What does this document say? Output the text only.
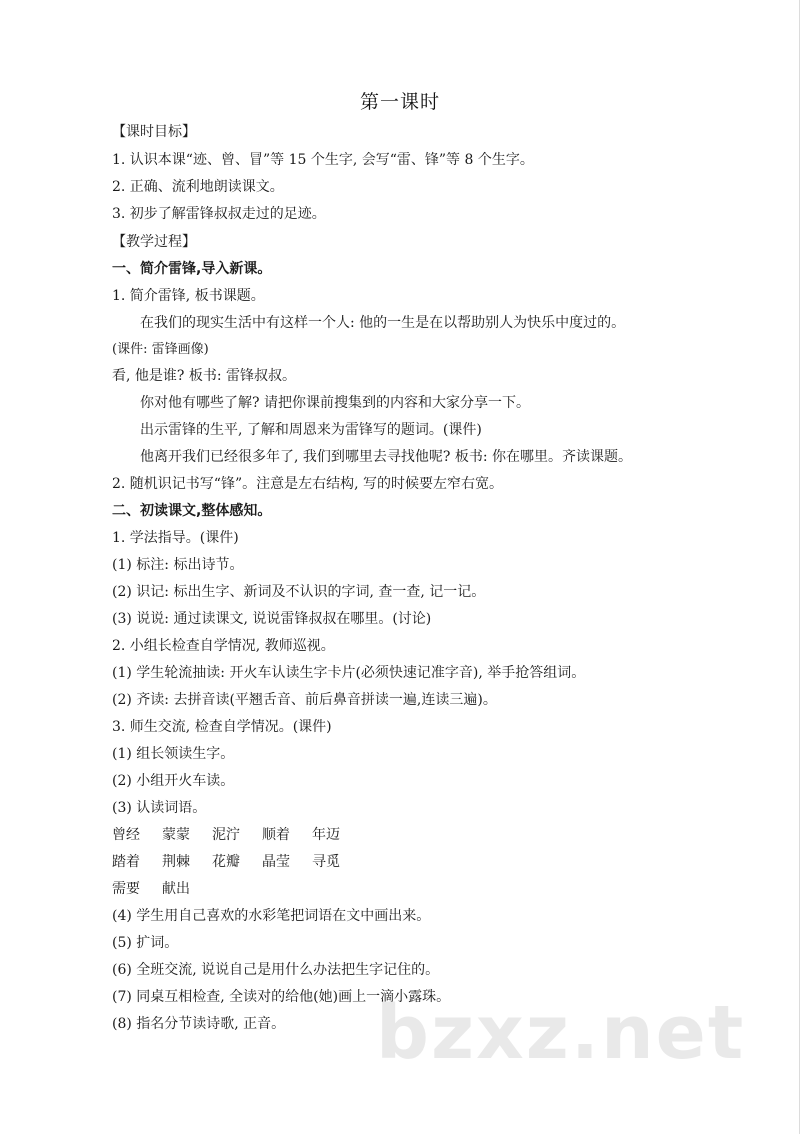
第一课时
【课时目标】
1. 认识本课“迹、曾、冒”等 15 个生字, 会写“雷、锋”等 8 个生字。
2. 正确、流利地朗读课文。
3. 初步了解雷锋叔叔走过的足迹。
【教学过程】
一、简介雷锋,导入新课。
1. 简介雷锋, 板书课题。
在我们的现实生活中有这样一个人: 他的一生是在以帮助别人为快乐中度过的。
(课件: 雷锋画像)
看, 他是谁? 板书: 雷锋叔叔。
你对他有哪些了解? 请把你课前搜集到的内容和大家分享一下。
出示雷锋的生平, 了解和周恩来为雷锋写的题词。(课件)
他离开我们已经很多年了, 我们到哪里去寻找他呢? 板书: 你在哪里。齐读课题。
2. 随机识记书写“锋”。注意是左右结构, 写的时候要左窄右宽。
二、初读课文,整体感知。
1. 学法指导。(课件)
(1) 标注: 标出诗节。
(2) 识记: 标出生字、新词及不认识的字词, 查一查, 记一记。
(3) 说说: 通过读课文, 说说雷锋叔叔在哪里。(讨论)
2. 小组长检查自学情况, 教师巡视。
(1) 学生轮流抽读: 开火车认读生字卡片(必须快速记准字音), 举手抢答组词。
(2) 齐读: 去拼音读(平翘舌音、前后鼻音拼读一遍,连读三遍)。
3. 师生交流, 检查自学情况。(课件)
(1) 组长领读生字。
(2) 小组开火车读。
(3) 认读词语。
曾经 蒙蒙 泥泞 顺着 年迈
踏着 荆棘 花瓣 晶莹 寻觅
需要 献出
(4) 学生用自己喜欢的水彩笔把词语在文中画出来。
(5) 扩词。
(6) 全班交流, 说说自己是用什么办法把生字记住的。
(7) 同桌互相检查, 全读对的给他(她)画上一滴小露珠。
(8) 指名分节读诗歌, 正音。 bzxz.net
